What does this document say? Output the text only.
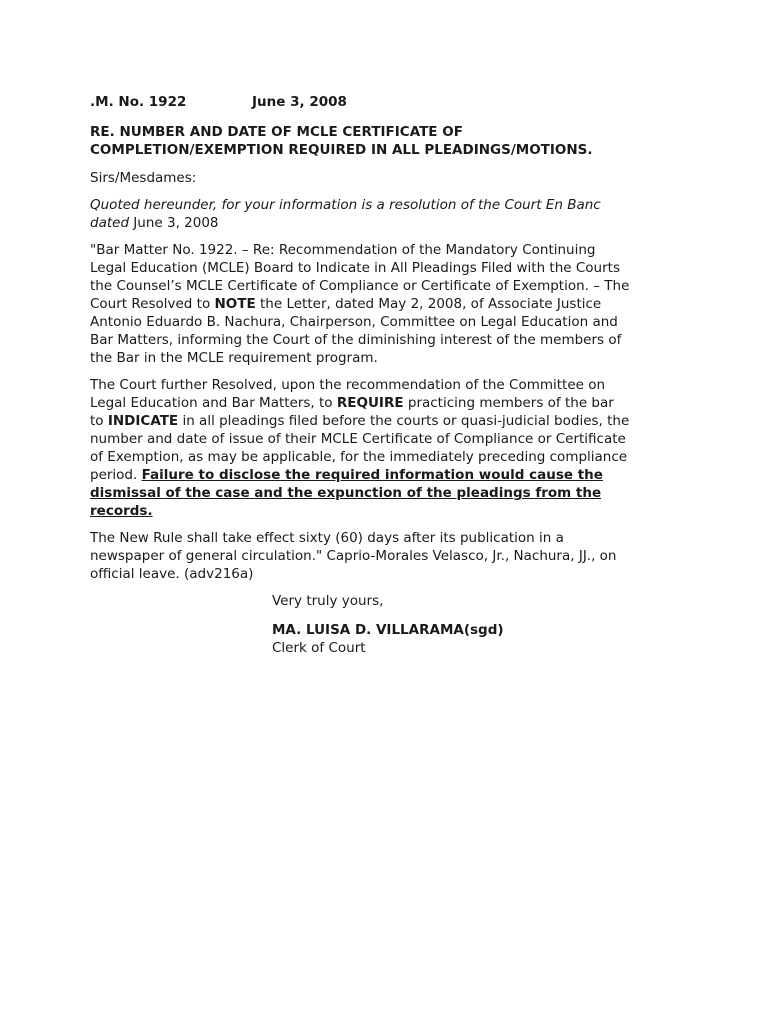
.M. No. 1922	June 3, 2008
RE. NUMBER AND DATE OF MCLE CERTIFICATE OF
COMPLETION/EXEMPTION REQUIRED IN ALL PLEADINGS/MOTIONS.

Sirs/Mesdames:

Quoted hereunder, for your information is a resolution of the Court En Banc dated June 3, 2008

"Bar Matter No. 1922. – Re: Recommendation of the Mandatory Continuing Legal Education (MCLE) Board to Indicate in All Pleadings Filed with the Courts the Counsel’s MCLE Certificate of Compliance or Certificate of Exemption. – The Court Resolved to NOTE the Letter, dated May 2, 2008, of Associate Justice Antonio Eduardo B. Nachura, Chairperson, Committee on Legal Education and Bar Matters, informing the Court of the diminishing interest of the members of the Bar in the MCLE requirement program.

The Court further Resolved, upon the recommendation of the Committee on Legal Education and Bar Matters, to REQUIRE practicing members of the bar to INDICATE in all pleadings filed before the courts or quasi-judicial bodies, the number and date of issue of their MCLE Certificate of Compliance or Certificate of Exemption, as may be applicable, for the immediately preceding compliance period. Failure to disclose the required information would cause the dismissal of the case and the expunction of the pleadings from the records.

The New Rule shall take effect sixty (60) days after its publication in a newspaper of general circulation." Caprio-Morales Velasco, Jr., Nachura, JJ., on official leave. (adv216a)

Very truly yours,

MA. LUISA D. VILLARAMA(sgd)

Clerk of Court
